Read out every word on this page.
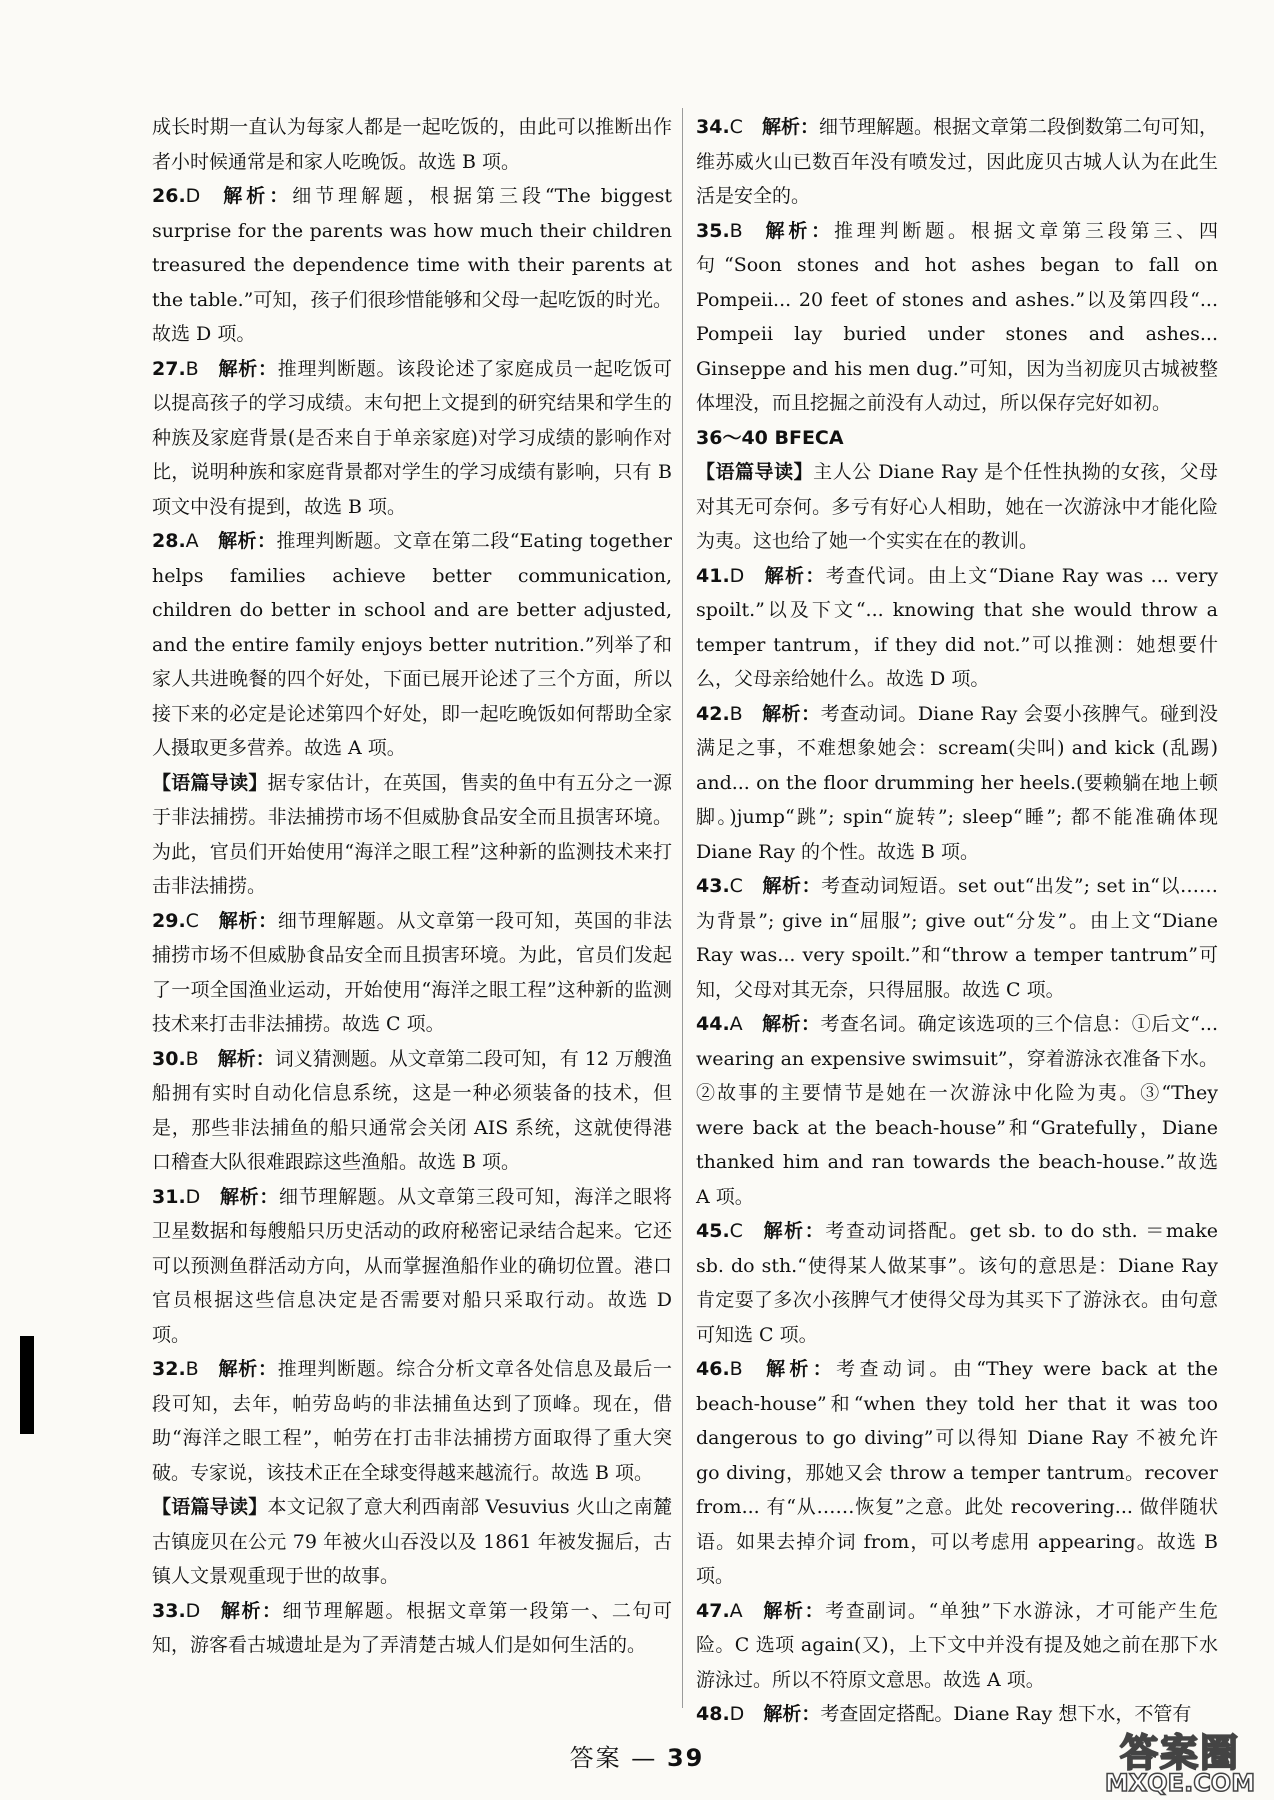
成长时期一直认为每家人都是一起吃饭的，由此可以推断出作者小时候通常是和家人吃晚饭。故选 B 项。

26.D  解析：细节理解题，根据第三段“The biggest surprise for the parents was how much their children treasured the dependence time with their parents at the table.”可知，孩子们很珍惜能够和父母一起吃饭的时光。故选 D 项。

27.B  解析：推理判断题。该段论述了家庭成员一起吃饭可以提高孩子的学习成绩。末句把上文提到的研究结果和学生的种族及家庭背景(是否来自于单亲家庭)对学习成绩的影响作对比，说明种族和家庭背景都对学生的学习成绩有影响，只有 B 项文中没有提到，故选 B 项。

28.A  解析：推理判断题。文章在第二段“Eating together helps families achieve better communication, children do better in school and are better adjusted, and the entire family enjoys better nutrition.”列举了和家人共进晚餐的四个好处，下面已展开论述了三个方面，所以接下来的必定是论述第四个好处，即一起吃晚饭如何帮助全家人摄取更多营养。故选 A 项。

【语篇导读】据专家估计，在英国，售卖的鱼中有五分之一源于非法捕捞。非法捕捞市场不但威胁食品安全而且损害环境。为此，官员们开始使用“海洋之眼工程”这种新的监测技术来打击非法捕捞。

29.C  解析：细节理解题。从文章第一段可知，英国的非法捕捞市场不但威胁食品安全而且损害环境。为此，官员们发起了一项全国渔业运动，开始使用“海洋之眼工程”这种新的监测技术来打击非法捕捞。故选 C 项。

30.B  解析：词义猜测题。从文章第二段可知，有 12 万艘渔船拥有实时自动化信息系统，这是一种必须装备的技术，但是，那些非法捕鱼的船只通常会关闭 AIS 系统，这就使得港口稽查大队很难跟踪这些渔船。故选 B 项。

31.D  解析：细节理解题。从文章第三段可知，海洋之眼将卫星数据和每艘船只历史活动的政府秘密记录结合起来。它还可以预测鱼群活动方向，从而掌握渔船作业的确切位置。港口官员根据这些信息决定是否需要对船只采取行动。故选 D 项。

32.B  解析：推理判断题。综合分析文章各处信息及最后一段可知，去年，帕劳岛屿的非法捕鱼达到了顶峰。现在，借助“海洋之眼工程”，帕劳在打击非法捕捞方面取得了重大突破。专家说，该技术正在全球变得越来越流行。故选 B 项。

【语篇导读】本文记叙了意大利西南部 Vesuvius 火山之南麓古镇庞贝在公元 79 年被火山吞没以及 1861 年被发掘后，古镇人文景观重现于世的故事。

33.D  解析：细节理解题。根据文章第一段第一、二句可知，游客看古城遗址是为了弄清楚古城人们是如何生活的。

34.C  解析：细节理解题。根据文章第二段倒数第二句可知，维苏威火山已数百年没有喷发过，因此庞贝古城人认为在此生活是安全的。

35.B  解析：推理判断题。根据文章第三段第三、四句“Soon stones and hot ashes began to fall on Pompeii... 20 feet of stones and ashes.”以及第四段“... Pompeii lay buried under stones and ashes... Ginseppe and his men dug.”可知，因为当初庞贝古城被整体埋没，而且挖掘之前没有人动过，所以保存完好如初。

36～40 BFECA

【语篇导读】主人公 Diane Ray 是个任性执拗的女孩，父母对其无可奈何。多亏有好心人相助，她在一次游泳中才能化险为夷。这也给了她一个实实在在的教训。

41.D  解析：考查代词。由上文“Diane Ray was ... very spoilt.”以及下文“... knowing that she would throw a temper tantrum，if they did not.”可以推测：她想要什么，父母亲给她什么。故选 D 项。

42.B  解析：考查动词。Diane Ray 会耍小孩脾气。碰到没满足之事，不难想象她会：scream(尖叫) and kick (乱踢) and... on the floor drumming her heels.(要赖躺在地上顿脚。)jump“跳”; spin“旋转”; sleep“睡”; 都不能准确体现 Diane Ray 的个性。故选 B 项。

43.C  解析：考查动词短语。set out“出发”; set in“以……为背景”; give in“屈服”; give out“分发”。由上文“Diane Ray was... very spoilt.”和“throw a temper tantrum”可知，父母对其无奈，只得屈服。故选 C 项。

44.A  解析：考查名词。确定该选项的三个信息：①后文“... wearing an expensive swimsuit”，穿着游泳衣准备下水。②故事的主要情节是她在一次游泳中化险为夷。③“They were back at the beach-house”和“Gratefully，Diane thanked him and ran towards the beach-house.”故选 A 项。

45.C  解析：考查动词搭配。get sb. to do sth. ＝make sb. do sth.“使得某人做某事”。该句的意思是：Diane Ray 肯定耍了多次小孩脾气才使得父母为其买下了游泳衣。由句意可知选 C 项。

46.B  解析：考查动词。由“They were back at the beach-house”和“when they told her that it was too dangerous to go diving”可以得知 Diane Ray 不被允许 go diving，那她又会 throw a temper tantrum。recover from... 有“从……恢复”之意。此处 recovering... 做伴随状语。如果去掉介词 from，可以考虑用 appearing。故选 B 项。

47.A  解析：考查副词。“单独”下水游泳，才可能产生危险。C 选项 again(又)，上下文中并没有提及她之前在那下水游泳过。所以不符原文意思。故选 A 项。

48.D  解析：考查固定搭配。Diane Ray 想下水，不管有

答案 — 39	答案圈
MXQE.COM
